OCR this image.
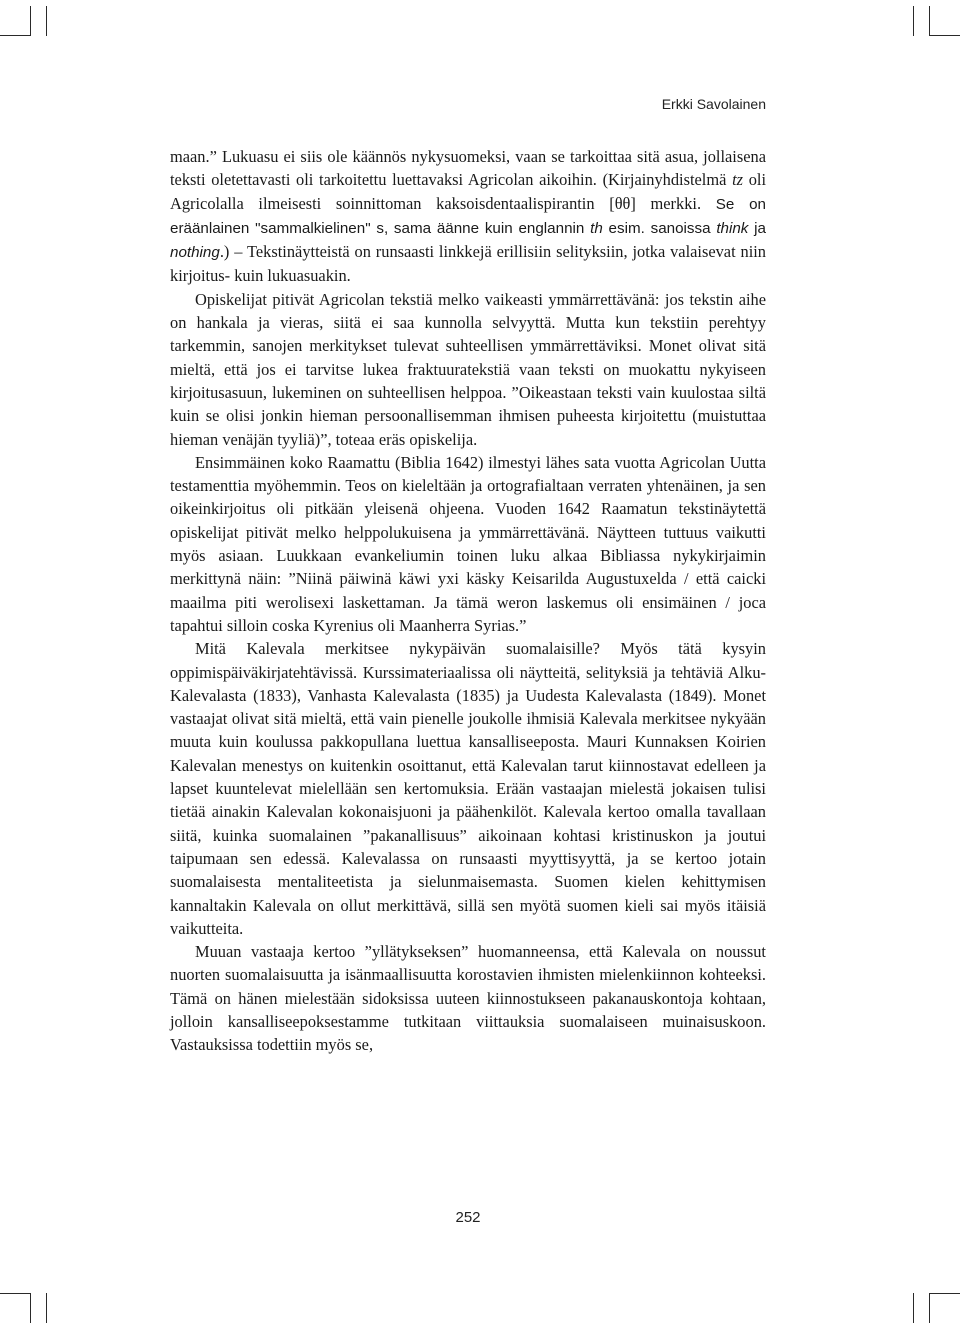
Erkki Savolainen

maan.” Lukuasu ei siis ole käännös nykysuomeksi, vaan se tarkoittaa sitä asua, jollaisena teksti oletettavasti oli tarkoitettu luettavaksi Agricolan aikoihin. (Kirjainyhdistelmä tz oli Agricolalla ilmeisesti soinnittoman kaksoisdentaalispirantin [θθ] merkki. Se on eräänlainen "sammalkielinen" s, sama äänne kuin englannin th esim. sanoissa think ja nothing.) – Tekstinäytteistä on runsaasti linkkejä erillisiin selityksiin, jotka valaisevat niin kirjoitus- kuin lukuasuakin.

Opiskelijat pitivät Agricolan tekstiä melko vaikeasti ymmärrettävänä: jos tekstin aihe on hankala ja vieras, siitä ei saa kunnolla selvyyttä. Mutta kun tekstiin perehtyy tarkemmin, sanojen merkitykset tulevat suhteellisen ymmärrettäviksi. Monet olivat sitä mieltä, että jos ei tarvitse lukea fraktuuratekstiä vaan teksti on muokattu nykyiseen kirjoitusasuun, lukeminen on suhteellisen helppoa. ”Oikeastaan teksti vain kuulostaa siltä kuin se olisi jonkin hieman persoonallisemman ihmisen puheesta kirjoitettu (muistuttaa hieman venäjän tyyliä)”, toteaa eräs opiskelija.

Ensimmäinen koko Raamattu (Biblia 1642) ilmestyi lähes sata vuotta Agricolan Uutta testamenttia myöhemmin. Teos on kieleltään ja ortografialtaan verraten yhtenäinen, ja sen oikeinkirjoitus oli pitkään yleisenä ohjeena. Vuoden 1642 Raamatun tekstinäytettä opiskelijat pitivät melko helppolukuisena ja ymmärrettävänä. Näytteen tuttuus vaikutti myös asiaan. Luukkaan evankeliumin toinen luku alkaa Bibliassa nykykirjaimin merkittynä näin: ”Niinä päiwinä käwi yxi käsky Keisarilda Augustuxelda / että caicki maailma piti werolisexi laskettaman. Ja tämä weron laskemus oli ensimäinen / joca tapahtui silloin coska Kyrenius oli Maanherra Syrias.”

Mitä Kalevala merkitsee nykypäivän suomalaisille? Myös tätä kysyin oppimispäiväkirjatehtävissä. Kurssimateriaalissa oli näytteitä, selityksiä ja tehtäviä Alku-Kalevalasta (1833), Vanhasta Kalevalasta (1835) ja Uudesta Kalevalasta (1849). Monet vastaajat olivat sitä mieltä, että vain pienelle joukolle ihmisiä Kalevala merkitsee nykyään muuta kuin koulussa pakkopullana luettua kansalliseeposta. Mauri Kunnaksen Koirien Kalevalan menestys on kuitenkin osoittanut, että Kalevalan tarut kiinnostavat edelleen ja lapset kuuntelevat mielellään sen kertomuksia. Erään vastaajan mielestä jokaisen tulisi tietää ainakin Kalevalan kokonaisjuoni ja päähenkilöt. Kalevala kertoo omalla tavallaan siitä, kuinka suomalainen ”pakanallisuus” aikoinaan kohtasi kristinuskon ja joutui taipumaan sen edessä. Kalevalassa on runsaasti myyttisyyttä, ja se kertoo jotain suomalaisesta mentaliteetista ja sielunmaisemasta. Suomen kielen kehittymisen kannaltakin Kalevala on ollut merkittävä, sillä sen myötä suomen kieli sai myös itäisiä vaikutteita.

Muuan vastaaja kertoo ”yllätykseksen” huomanneensa, että Kalevala on noussut nuorten suomalaisuutta ja isänmaallisuutta korostavien ihmisten mielenkiinnon kohteeksi. Tämä on hänen mielestään sidoksissa uuteen kiinnostukseen pakanauskontoja kohtaan, jolloin kansalliseepoksestamme tutkitaan viittauksia suomalaiseen muinaisuskoon. Vastauksissa todettiin myös se,

252
